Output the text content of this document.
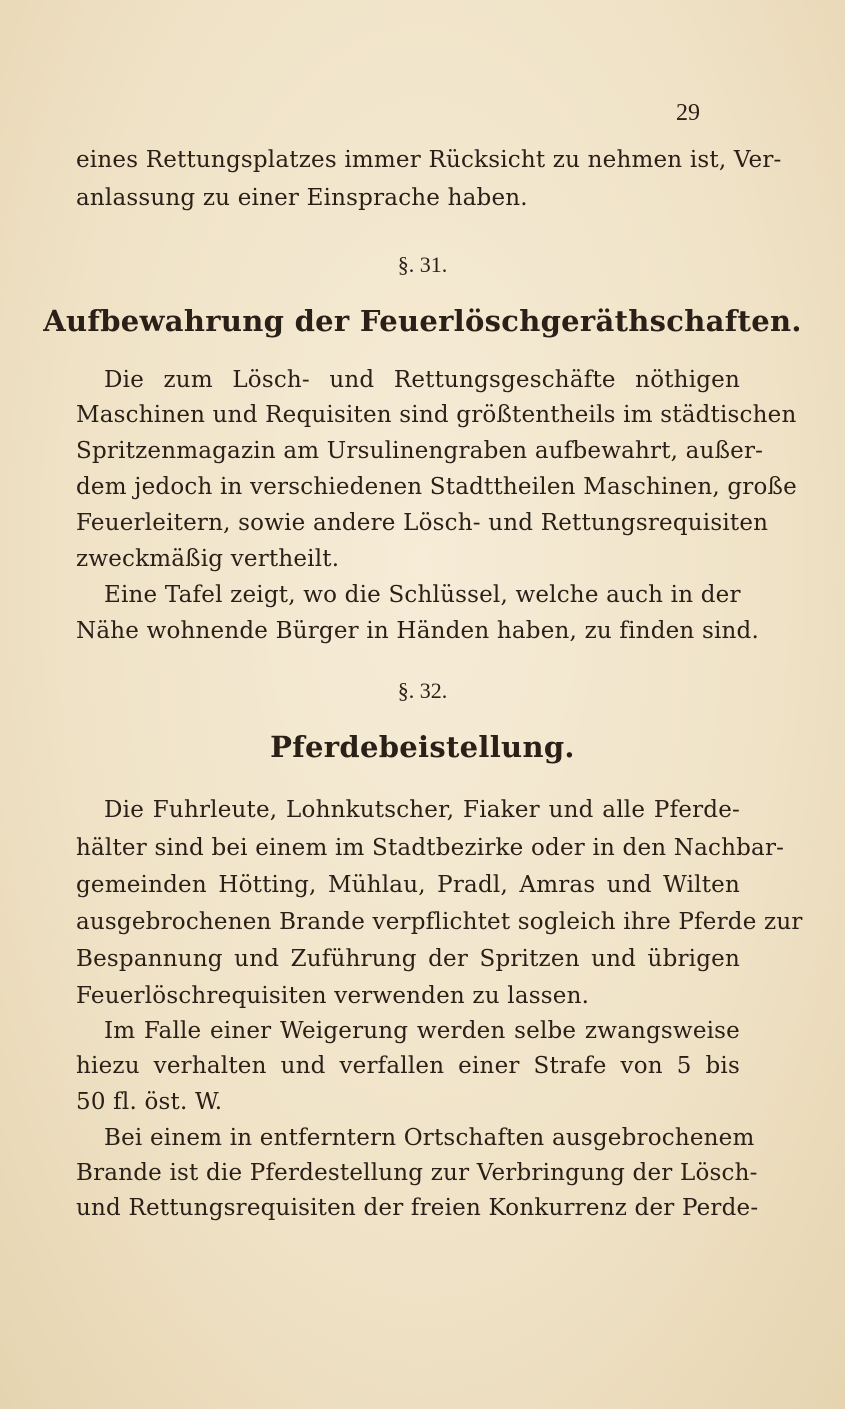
29
eines Rettungsplatzes immer Rücksicht zu nehmen ist, Ver-
anlassung zu einer Einsprache haben.
§. 31.
Aufbewahrung der Feuerlöschgeräthschaften.
Die zum Lösch- und Rettungsgeschäfte nöthigen
Maschinen und Requisiten sind größtentheils im städtischen
Spritzenmagazin am Ursulinengraben aufbewahrt, außer-
dem jedoch in verschiedenen Stadttheilen Maschinen, große
Feuerleitern, sowie andere Lösch- und Rettungsrequisiten
zweckmäßig vertheilt.
Eine Tafel zeigt, wo die Schlüssel, welche auch in der
Nähe wohnende Bürger in Händen haben, zu finden sind.
§. 32.
Pferdebeistellung.
Die Fuhrleute, Lohnkutscher, Fiaker und alle Pferde-
hälter sind bei einem im Stadtbezirke oder in den Nachbar-
gemeinden Hötting, Mühlau, Pradl, Amras und Wilten
ausgebrochenen Brande verpflichtet sogleich ihre Pferde zur
Bespannung und Zuführung der Spritzen und übrigen
Feuerlöschrequisiten verwenden zu lassen.
Im Falle einer Weigerung werden selbe zwangsweise
hiezu verhalten und verfallen einer Strafe von 5 bis
50 fl. öst. W.
Bei einem in entferntern Ortschaften ausgebrochenem
Brande ist die Pferdestellung zur Verbringung der Lösch-
und Rettungsrequisiten der freien Konkurrenz der Perde-
